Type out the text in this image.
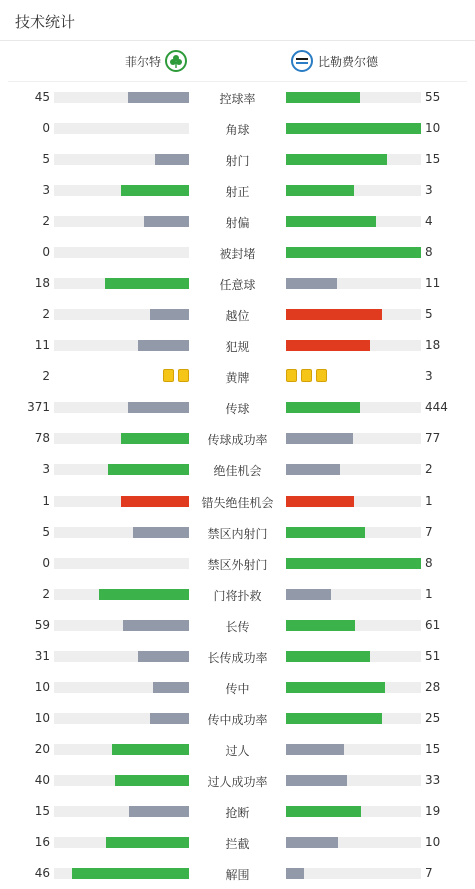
技术统计
菲尔特	比勒费尔德
45	控球率	55
0	角球	10
5	射门	15
3	射正	3
2	射偏	4
0	被封堵	8
18	任意球	11
2	越位	5
11	犯规	18
2	黄牌	3
371	传球	444
78	传球成功率	77
3	绝佳机会	2
1	错失绝佳机会	1
5	禁区内射门	7
0	禁区外射门	8
2	门将扑救	1
59	长传	61
31	长传成功率	51
10	传中	28
10	传中成功率	25
20	过人	15
40	过人成功率	33
15	抢断	19
16	拦截	10
46	解围	7
